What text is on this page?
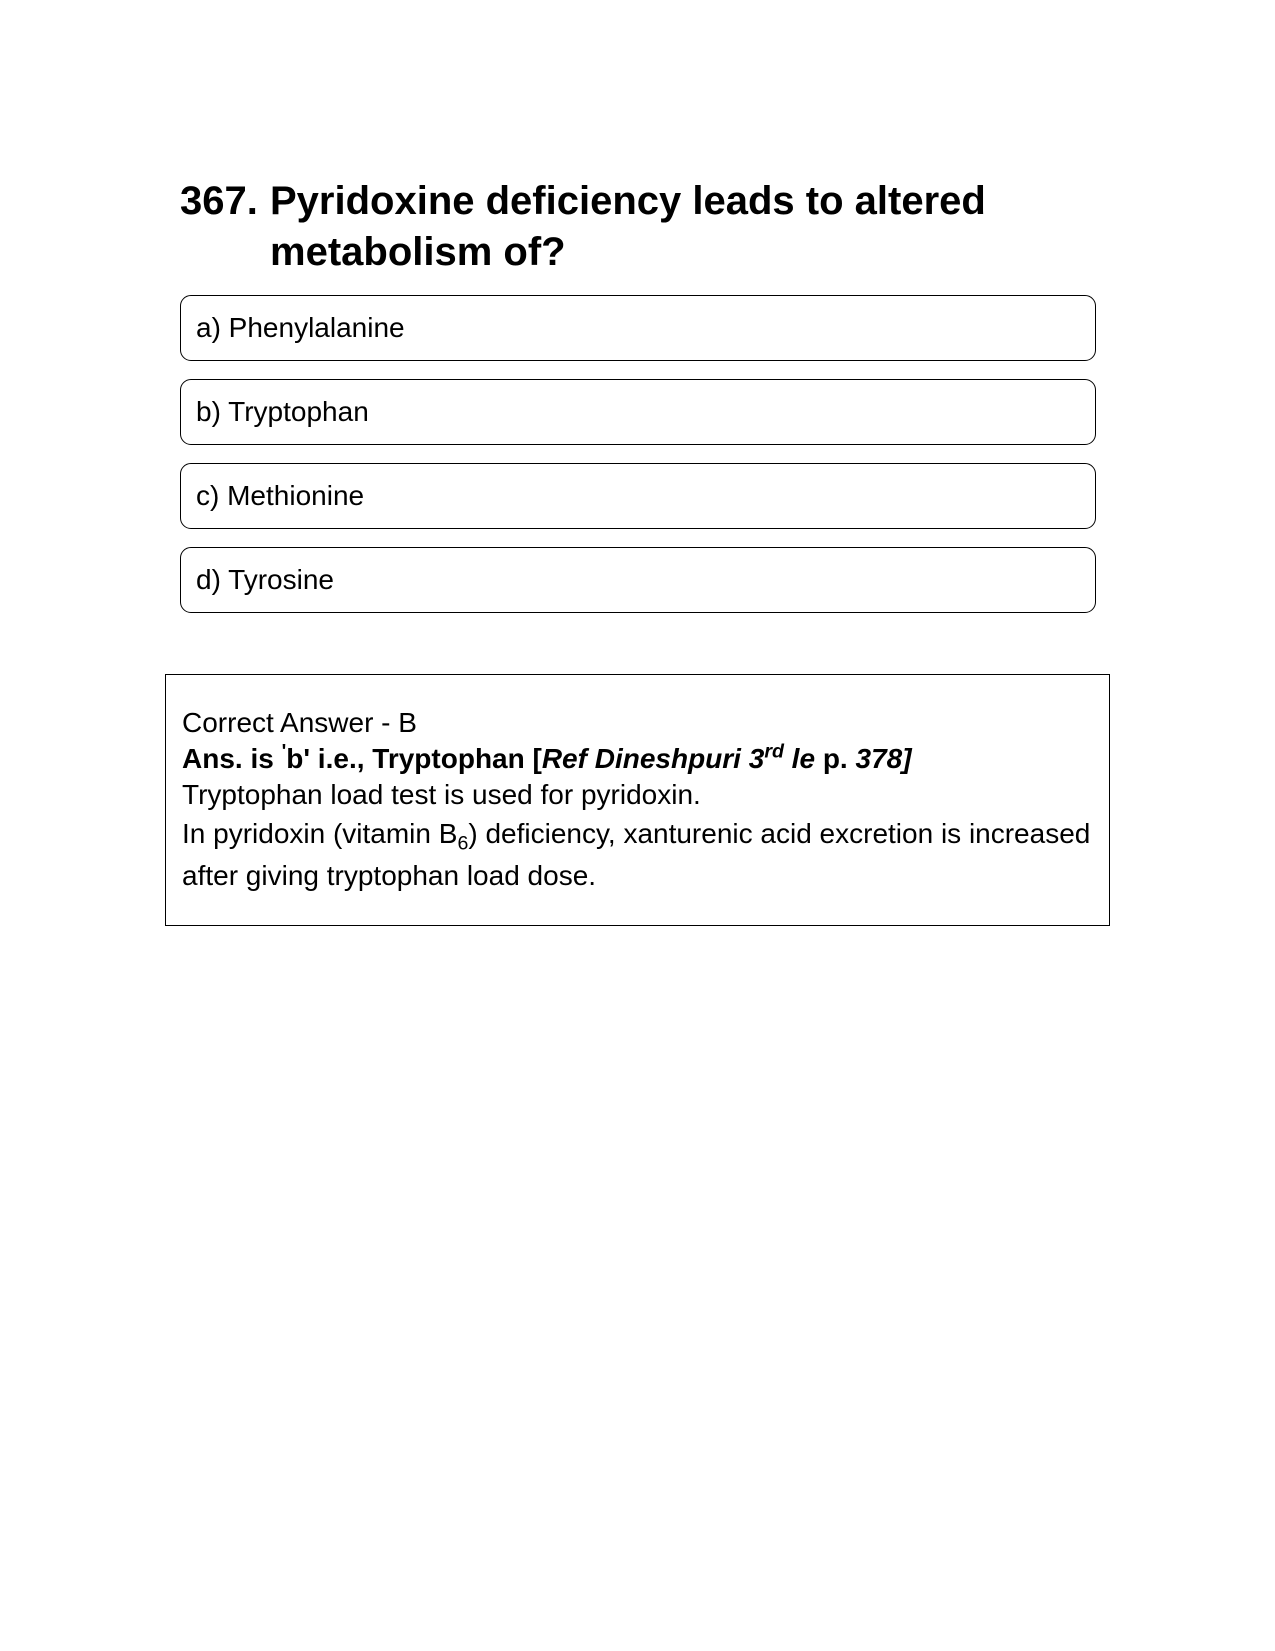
367. Pyridoxine deficiency leads to altered metabolism of?
a) Phenylalanine
b) Tryptophan
c) Methionine
d) Tyrosine

Correct Answer - B

Ans. is 'b' i.e., Tryptophan [Ref Dineshpuri 3rd le p. 378]

Tryptophan load test is used for pyridoxin.

In pyridoxin (vitamin $B_6$) deficiency, xanturenic acid excretion is increased after giving tryptophan load dose.
